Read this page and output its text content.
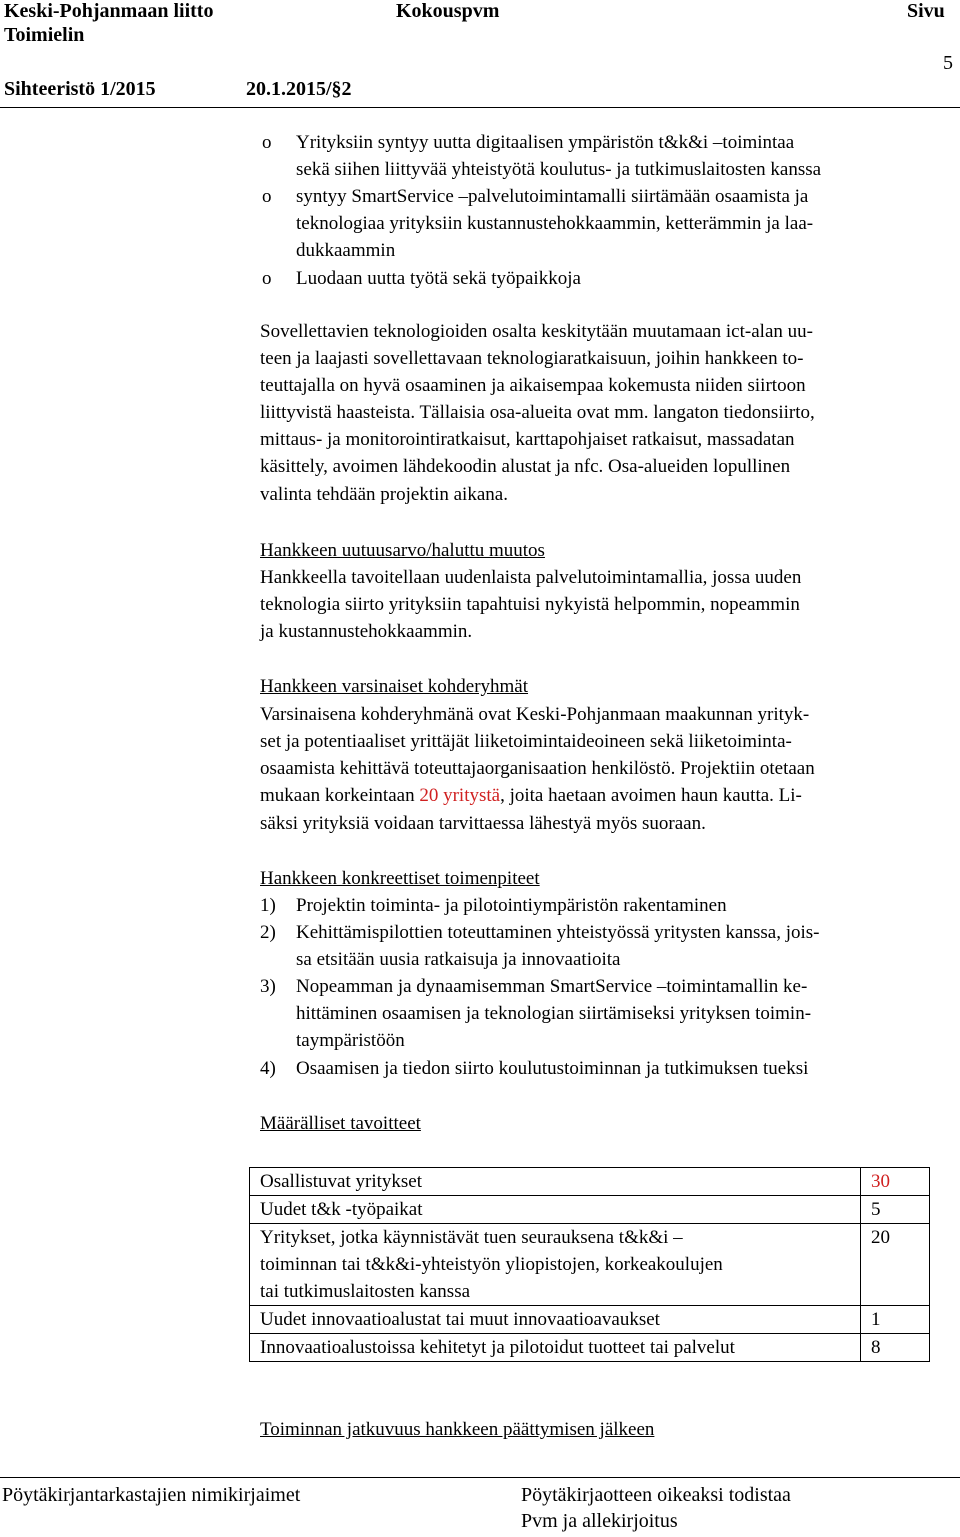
Keski-Pohjanmaan liitto
Toimielin
Kokouspvm	Sivu
5
Sihteeristö 1/2015	20.1.2015/§2
o Yrityksiin syntyy uutta digitaalisen ympäristön t&k&i –toimintaa
sekä siihen liittyvää yhteistyötä koulutus- ja tutkimuslaitosten kanssa
o syntyy SmartService –palvelutoimintamalli siirtämään osaamista ja
teknologiaa yrityksiin kustannustehokkaammin, ketterämmin ja laa-
dukkaammin
o Luodaan uutta työtä sekä työpaikkoja
Sovellettavien teknologioiden osalta keskitytään muutamaan ict-alan uu-
teen ja laajasti sovellettavaan teknologiaratkaisuun, joihin hankkeen to-
teuttajalla on hyvä osaaminen ja aikaisempaa kokemusta niiden siirtoon
liittyvistä haasteista. Tällaisia osa-alueita ovat mm. langaton tiedonsiirto,
mittaus- ja monitorointiratkaisut, karttapohjaiset ratkaisut, massadatan
käsittely, avoimen lähdekoodin alustat ja nfc. Osa-alueiden lopullinen
valinta tehdään projektin aikana.
Hankkeen uutuusarvo/haluttu muutos
Hankkeella tavoitellaan uudenlaista palvelutoimintamallia, jossa uuden
teknologia siirto yrityksiin tapahtuisi nykyistä helpommin, nopeammin
ja kustannustehokkaammin.
Hankkeen varsinaiset kohderyhmät
Varsinaisena kohderyhmänä ovat Keski-Pohjanmaan maakunnan yrityk-
set ja potentiaaliset yrittäjät liiketoimintaideoineen sekä liiketoiminta-
osaamista kehittävä toteuttajaorganisaation henkilöstö. Projektiin otetaan
mukaan korkeintaan 20 yritystä, joita haetaan avoimen haun kautta. Li-
säksi yrityksiä voidaan tarvittaessa lähestyä myös suoraan.
Hankkeen konkreettiset toimenpiteet
1) Projektin toiminta- ja pilotointiympäristön rakentaminen
2) Kehittämispilottien toteuttaminen yhteistyössä yritysten kanssa, jois-
sa etsitään uusia ratkaisuja ja innovaatioita
3) Nopeamman ja dynaamisemman SmartService –toimintamallin ke-
hittäminen osaamisen ja teknologian siirtämiseksi yrityksen toimin-
taympäristöön
4) Osaamisen ja tiedon siirto koulutustoiminnan ja tutkimuksen tueksi
Määrälliset tavoitteet
Osallistuvat yritykset	30
Uudet t&k -työpaikat	5
Yritykset, jotka käynnistävät tuen seurauksena t&k&i –
toiminnan tai t&k&i-yhteistyön yliopistojen, korkeakoulujen
tai tutkimuslaitosten kanssa	20
Uudet innovaatioalustat tai muut innovaatioavaukset	1
Innovaatioalustoissa kehitetyt ja pilotoidut tuotteet tai palvelut	8
Toiminnan jatkuvuus hankkeen päättymisen jälkeen
Pöytäkirjantarkastajien nimikirjaimet	Pöytäkirjaotteen oikeaksi todistaa
Pvm ja allekirjoitus
